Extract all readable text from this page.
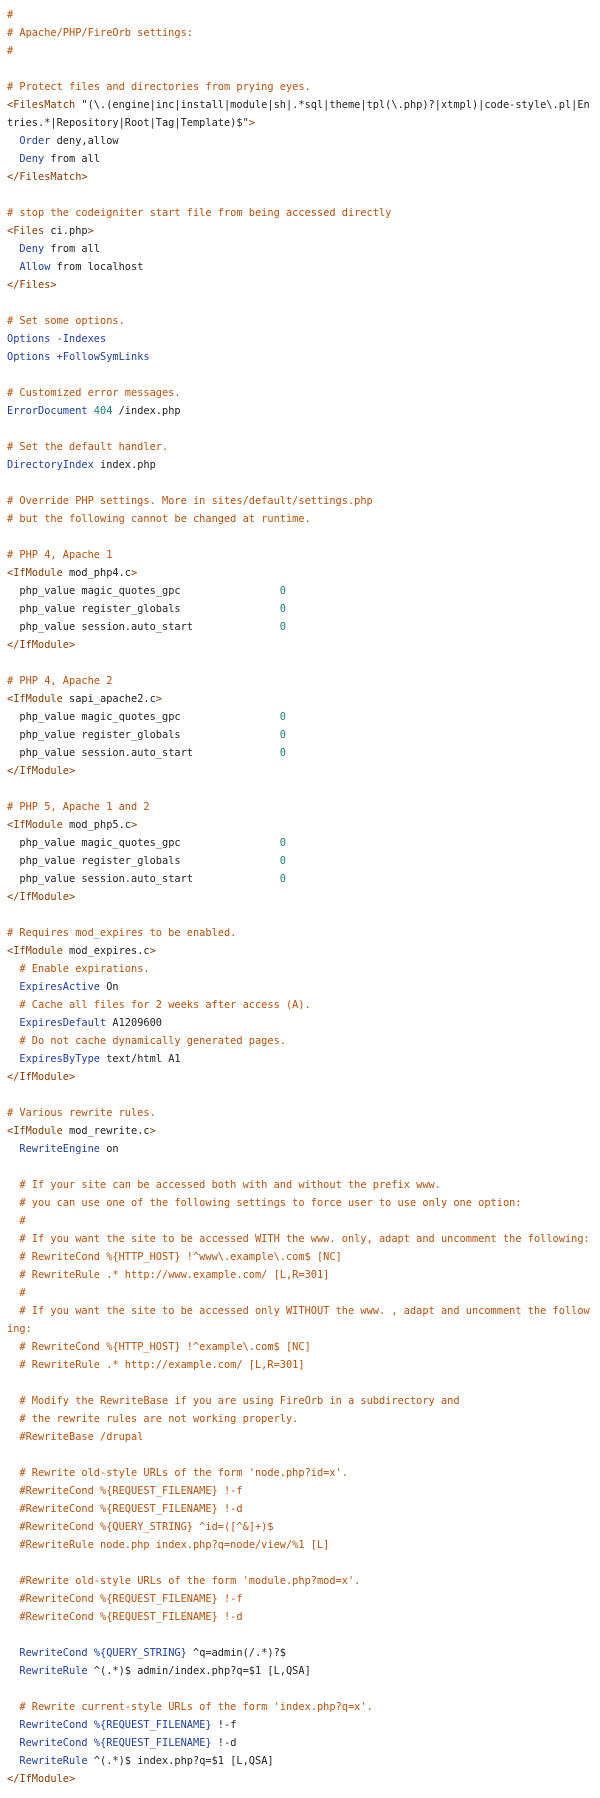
#
# Apache/PHP/FireOrb settings:
#
# Protect files and directories from prying eyes.
<FilesMatch "(\.(engine|inc|install|module|sh|.*sql|theme|tpl(\.php)?|xtmpl)|code-style\.pl|Entries.*|Repository|Root|Tag|Template)$">
Order deny,allow
Deny from all
</FilesMatch>
# stop the codeigniter start file from being accessed directly
<Files ci.php>
Deny from all
Allow from localhost
</Files>
# Set some options.
Options -Indexes
Options +FollowSymLinks
# Customized error messages.
ErrorDocument 404 /index.php
# Set the default handler.
DirectoryIndex index.php
# Override PHP settings. More in sites/default/settings.php
# but the following cannot be changed at runtime.
# PHP 4, Apache 1
<IfModule mod_php4.c>
php_value magic_quotes_gpc                0
php_value register_globals                0
php_value session.auto_start              0
</IfModule>
# PHP 4, Apache 2
<IfModule sapi_apache2.c>
php_value magic_quotes_gpc                0
php_value register_globals                0
php_value session.auto_start              0
</IfModule>
# PHP 5, Apache 1 and 2
<IfModule mod_php5.c>
php_value magic_quotes_gpc                0
php_value register_globals                0
php_value session.auto_start              0
</IfModule>
# Requires mod_expires to be enabled.
<IfModule mod_expires.c>
# Enable expirations.
ExpiresActive On
# Cache all files for 2 weeks after access (A).
ExpiresDefault A1209600
# Do not cache dynamically generated pages.
ExpiresByType text/html A1
</IfModule>
# Various rewrite rules.
<IfModule mod_rewrite.c>
RewriteEngine on
# If your site can be accessed both with and without the prefix www.
# you can use one of the following settings to force user to use only one option:
#
# If you want the site to be accessed WITH the www. only, adapt and uncomment the following:
# RewriteCond %{HTTP_HOST} !^www\.example\.com$ [NC]
# RewriteRule .* http://www.example.com/ [L,R=301]
#
# If you want the site to be accessed only WITHOUT the www. , adapt and uncomment the following:
# RewriteCond %{HTTP_HOST} !^example\.com$ [NC]
# RewriteRule .* http://example.com/ [L,R=301]
# Modify the RewriteBase if you are using FireOrb in a subdirectory and
# the rewrite rules are not working properly.
#RewriteBase /drupal
# Rewrite old-style URLs of the form 'node.php?id=x'.
#RewriteCond %{REQUEST_FILENAME} !-f
#RewriteCond %{REQUEST_FILENAME} !-d
#RewriteCond %{QUERY_STRING} ^id=([^&]+)$
#RewriteRule node.php index.php?q=node/view/%1 [L]
#Rewrite old-style URLs of the form 'module.php?mod=x'.
#RewriteCond %{REQUEST_FILENAME} !-f
#RewriteCond %{REQUEST_FILENAME} !-d
RewriteCond %{QUERY_STRING} ^q=admin(/.*)?$
RewriteRule ^(.*)$ admin/index.php?q=$1 [L,QSA]
# Rewrite current-style URLs of the form 'index.php?q=x'.
RewriteCond %{REQUEST_FILENAME} !-f
RewriteCond %{REQUEST_FILENAME} !-d
RewriteRule ^(.*)$ index.php?q=$1 [L,QSA]
</IfModule>
